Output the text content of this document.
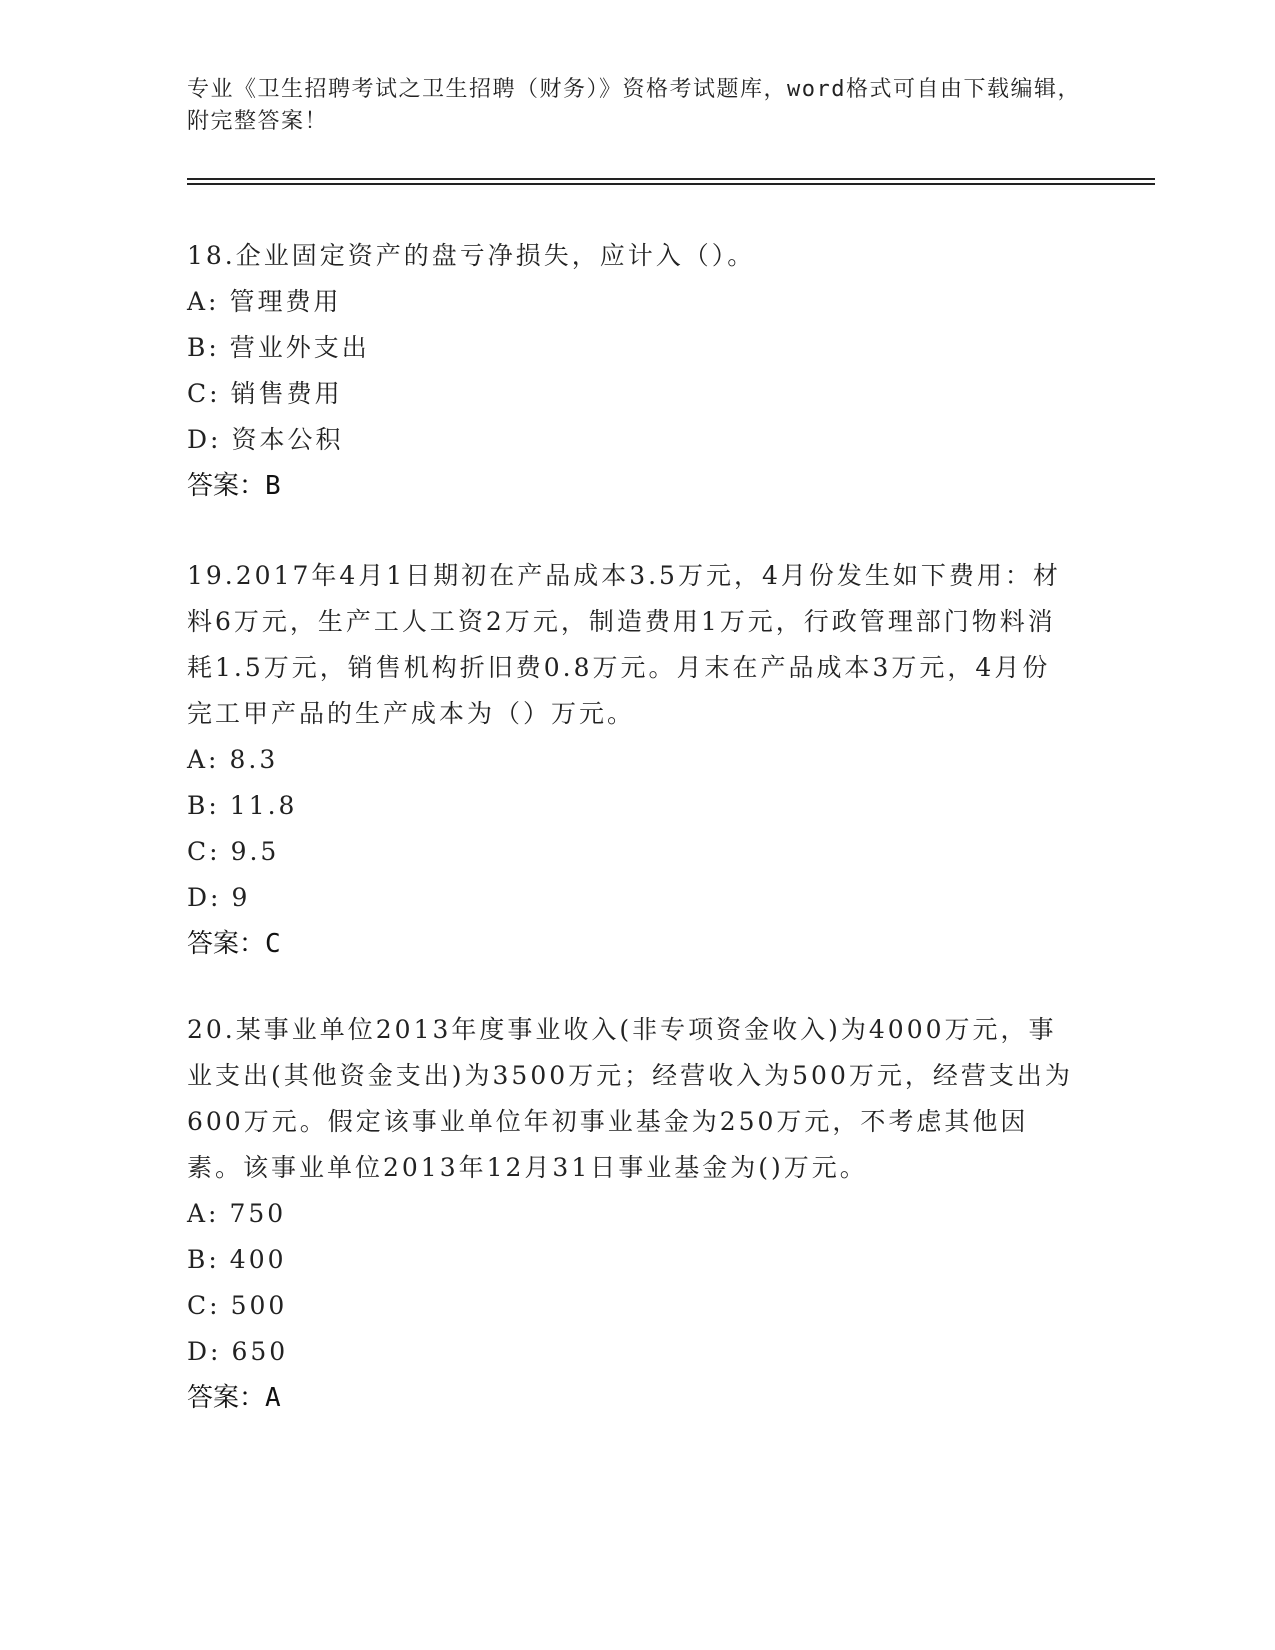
专业《卫生招聘考试之卫生招聘（财务）》资格考试题库，word格式可自由下载编辑，附完整答案！

18.企业固定资产的盘亏净损失，应计入（）。

A: 管理费用
B: 营业外支出
C: 销售费用
D: 资本公积

答案：B

19.2017年4月1日期初在产品成本3.5万元，4月份发生如下费用：材料6万元，生产工人工资2万元，制造费用1万元，行政管理部门物料消耗1.5万元，销售机构折旧费0.8万元。月末在产品成本3万元，4月份完工甲产品的生产成本为（）万元。

A: 8.3
B: 11.8
C: 9.5
D: 9

答案：C

20.某事业单位2013年度事业收入(非专项资金收入)为4000万元，事业支出(其他资金支出)为3500万元；经营收入为500万元，经营支出为600万元。假定该事业单位年初事业基金为250万元，不考虑其他因素。该事业单位2013年12月31日事业基金为()万元。

A: 750
B: 400
C: 500
D: 650

答案：A
